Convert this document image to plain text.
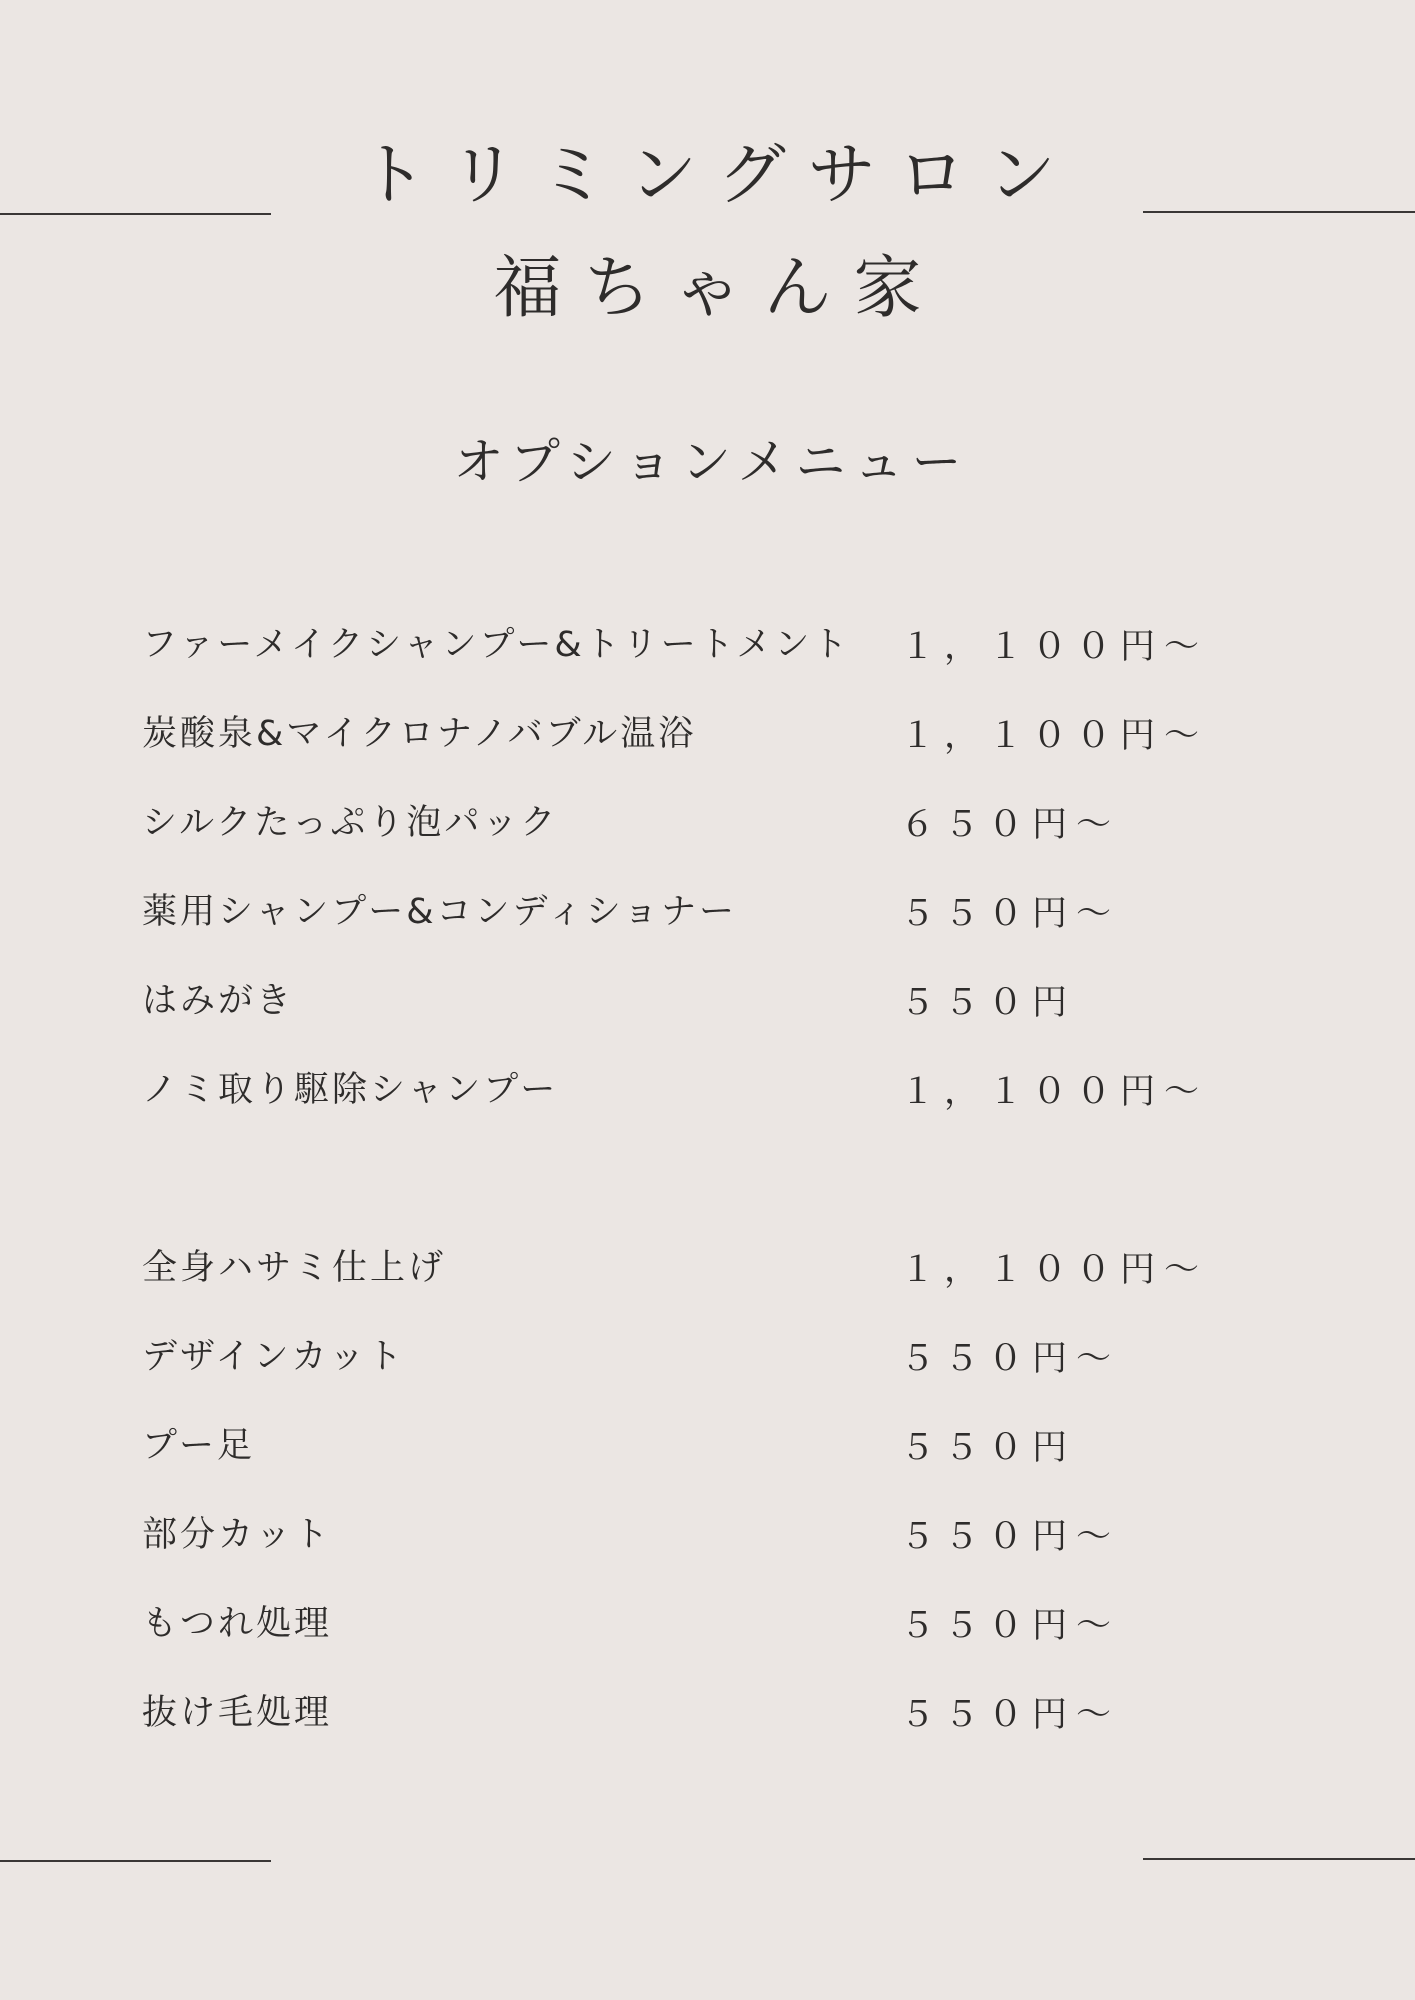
トリミングサロン
福ちゃん家
オプションメニュー
ファーメイクシャンプー&トリートメント １，１００円〜
炭酸泉&マイクロナノバブル温浴	１，１００円〜
シルクたっぷり泡パック	６５０円〜
薬用シャンプー&コンディショナー	５５０円〜
はみがき	５５０円
ノミ取り駆除シャンプー	１，１００円〜
全身ハサミ仕上げ	１，１００円〜
デザインカット	５５０円〜
プー足	５５０円
部分カット	５５０円〜
もつれ処理	５５０円〜
抜け毛処理	５５０円〜
